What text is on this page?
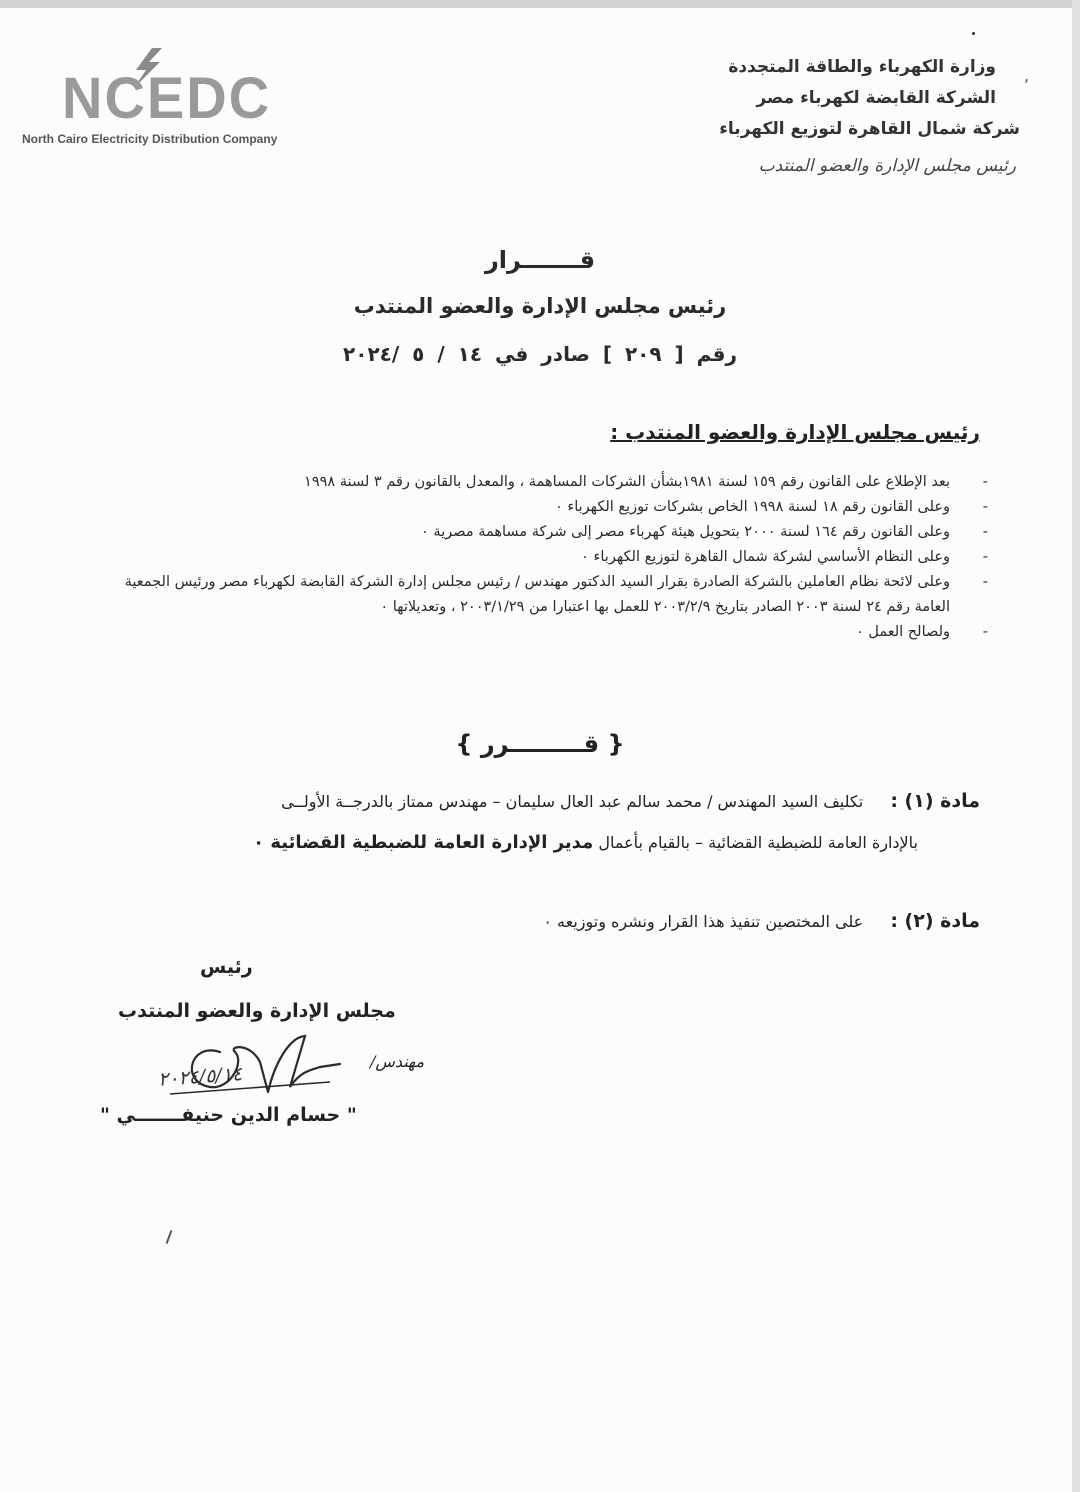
,
NCEDC
North Cairo Electricity Distribution Company
وزارة الكهرباء والطاقة المتجددة
الشركة القابضة لكهرباء مصر
شركة شمال القاهرة لتوزيع الكهرباء
رئيس مجلس الإدارة والعضو المنتدب
قـــــــرار
رئيس مجلس الإدارة والعضو المنتدب
رقم [ ٢٠٩ ] صادر في ١٤ / ٥ /٢٠٢٤
رئيس مجلس الإدارة والعضو المنتدب :
- بعد الإطلاع على القانون رقم ١٥٩ لسنة ١٩٨١بشأن الشركات المساهمة ، والمعدل بالقانون رقم ٣ لسنة ١٩٩٨
- وعلى القانون رقم ١٨ لسنة ١٩٩٨ الخاص بشركات توزيع الكهرباء ٠
- وعلى القانون رقم ١٦٤ لسنة ٢٠٠٠ بتحويل هيئة كهرباء مصر إلى شركة مساهمة مصرية ٠
- وعلى النظام الأساسي لشركة شمال القاهرة لتوزيع الكهرباء ٠
- وعلى لائحة نظام العاملين بالشركة الصادرة بقرار السيد الدكتور مهندس / رئيس مجلس إدارة الشركة القابضة لكهرباء مصر ورئيس الجمعية العامة رقم ٢٤ لسنة ٢٠٠٣ الصادر بتاريخ ٢٠٠٣/٢/٩ للعمل بها اعتبارا من ٢٠٠٣/١/٢٩ ، وتعديلاتها ٠
- ولصالح العمل ٠
{ قـــــــــرر }
مادة (١) : تكليف السيد المهندس / محمد سالم عبد العال سليمان – مهندس ممتاز بالدرجــة الأولــى
بالإدارة العامة للضبطية القضائية – بالقيام بأعمال مدير الإدارة العامة للضبطية القضائية ٠
مادة (٢) : على المختصين تنفيذ هذا القرار ونشره وتوزيعه ٠
رئيس
مجلس الإدارة والعضو المنتدب
مهندس/
٢٠٢٤/٥/١٤
" حسام الدين حنيفـــــــي "
